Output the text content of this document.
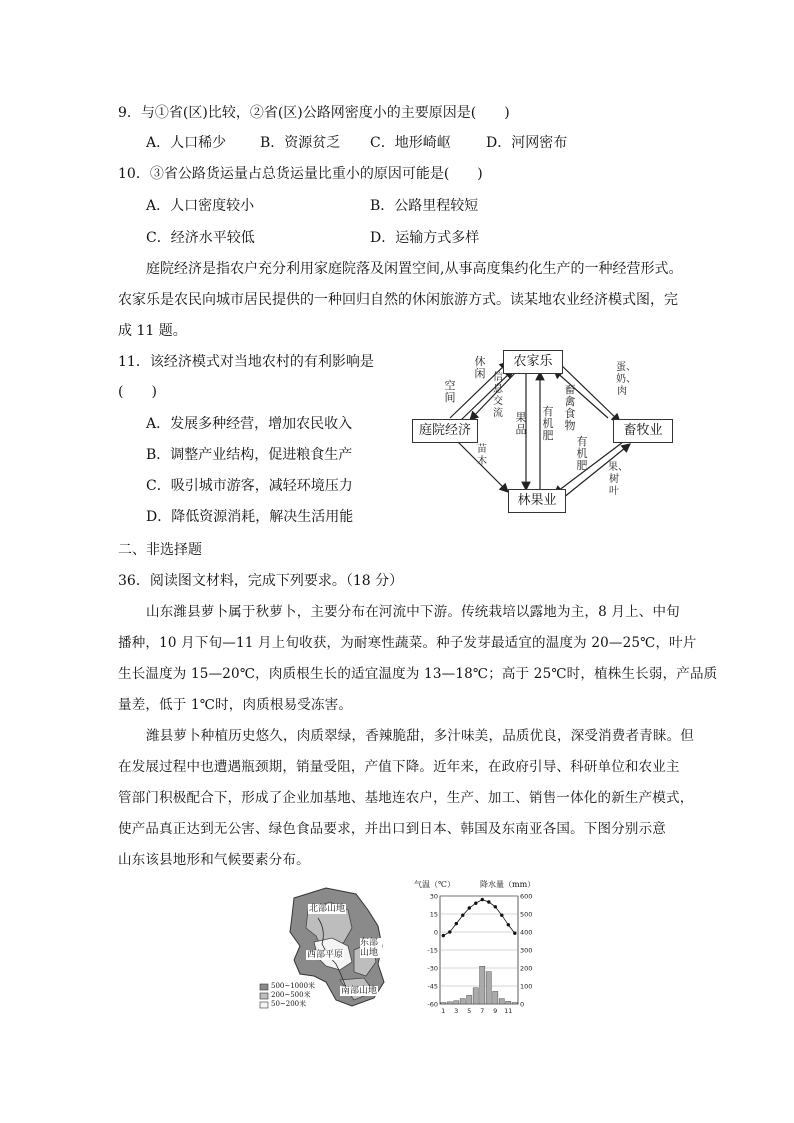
9．与①省(区)比较，②省(区)公路网密度小的主要原因是(　　)
A．人口稀少 B．资源贫乏 C．地形崎岖	D．河网密布
10．③省公路货运量占总货运量比重小的原因可能是(　　)
A．人口密度较小	B．公路里程较短
C．经济水平较低	D．运输方式多样
庭院经济是指农户充分利用家庭院落及闲置空间,从事高度集约化生产的一种经营形式。
农家乐是农民向城市居民提供的一种回归自然的休闲旅游方式。读某地农业经济模式图，完
成 11 题。
11．该经济模式对当地农村的有利影响是
(　　)
A．发展多种经营，增加农民收入
B．调整产业结构，促进粮食生产
C．吸引城市游客，减轻环境压力
D．降低资源消耗，解决生活用能
农家乐
庭院经济	畜牧业
林果业
空间
休闲 信息交流	有机肥
果品
畜禽食物
有机肥
蛋、奶、肉
苗木
果、树叶
二、非选择题
36．阅读图文材料，完成下列要求。（18 分）
山东潍县萝卜属于秋萝卜，主要分布在河流中下游。传统栽培以露地为主，8 月上、中旬
播种，10 月下旬—11 月上旬收获，为耐寒性蔬菜。种子发芽最适宜的温度为 20—25℃，叶片
生长温度为 15—20℃，肉质根生长的适宜温度为 13—18℃；高于 25℃时，植株生长弱，产品质
量差，低于 1℃时，肉质根易受冻害。
潍县萝卜种植历史悠久，肉质翠绿，香辣脆甜，多汁味美，品质优良，深受消费者青睐。但
在发展过程中也遭遇瓶颈期，销量受阻，产值下降。近年来，在政府引导、科研单位和农业主
管部门积极配合下，形成了企业加基地、基地连农户，生产、加工、销售一体化的新生产模式，
使产品真正达到无公害、绿色食品要求，并出口到日本、韩国及东南亚各国。下图分别示意
山东该县地形和气候要素分布。
北部山地
东部山地
西部平原
南部山地
500~1000米
200~500米
50~200米
气温（℃）	降水量（mm）
30	600
15	500
0	400
-15	300
-30	200
-45	100
-60	0
1 3 5 7 9 11
